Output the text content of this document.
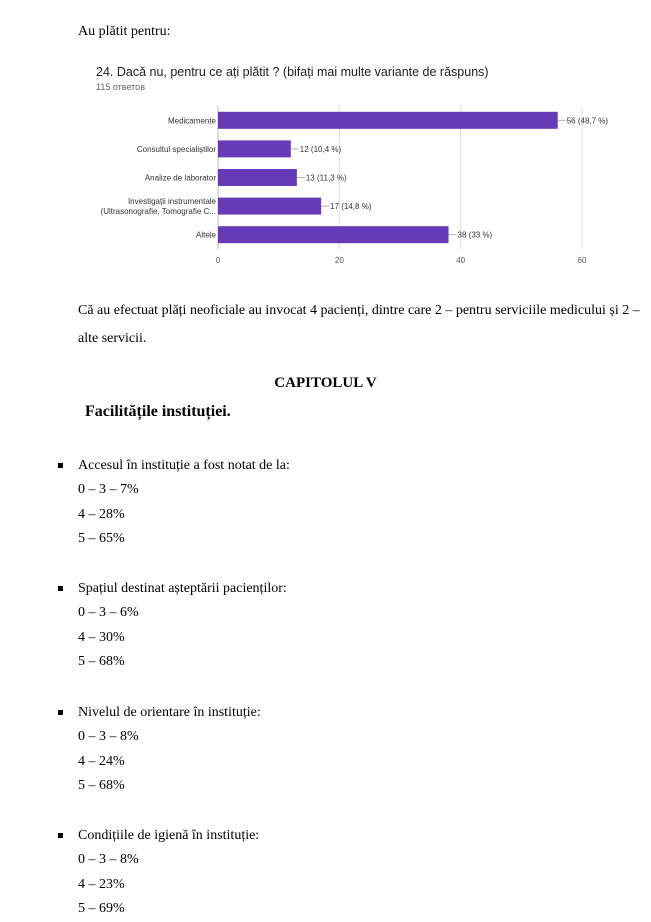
Au plătit pentru:
0	20	40	60
56 (48,7 %)
Medicamente
12 (10,4 %)
Consultul specialiștilor
13 (11,3 %)
Analize de laborator
17 (14,8 %)
Investigații instrumentale
(Ultrasonografie, Tomografie C...
38 (33 %)
Altele
24. Dacă nu, pentru ce ați plătit ? (bifați mai multe variante de răspuns)
115 ответов
Că au efectuat plăți neoficiale au invocat 4 pacienți, dintre care 2 – pentru serviciile medicului și 2 – alte servicii.
CAPITOLUL V
Facilitățile instituției.
Accesul în instituție a fost notat de la:
0 – 3 – 7%
4 – 28%
5 – 65%
Spațiul destinat așteptării pacienților:
0 – 3 – 6%
4 – 30%
5 – 68%
Nivelul de orientare în instituție:
0 – 3 – 8%
4 – 24%
5 – 68%
Condițiile de igienă în instituție:
0 – 3 – 8%
4 – 23%
5 – 69%
